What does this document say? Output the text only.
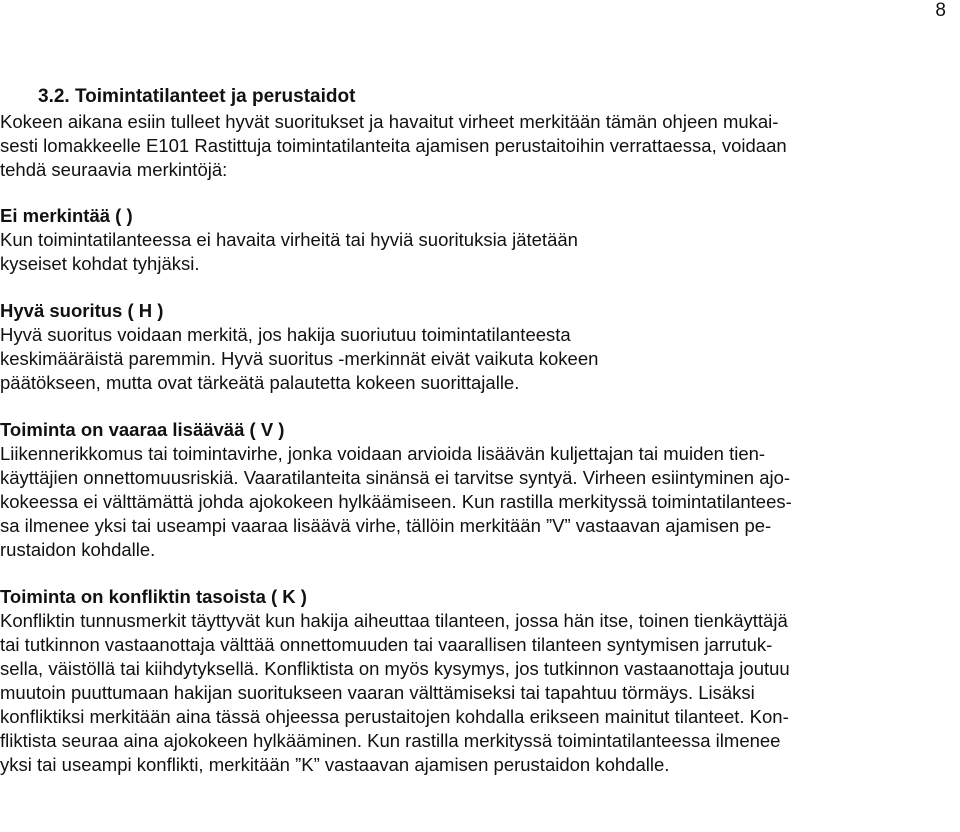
8
3.2. Toimintatilanteet ja perustaidot
Kokeen aikana esiin tulleet hyvät suoritukset ja havaitut virheet merkitään tämän ohjeen mukai-
sesti lomakkeelle E101 Rastittuja toimintatilanteita ajamisen perustaitoihin verrattaessa, voidaan
tehdä seuraavia merkintöjä:
Ei merkintää ( )
Kun toimintatilanteessa ei havaita virheitä tai hyviä suorituksia jätetään
kyseiset kohdat tyhjäksi.
Hyvä suoritus ( H )
Hyvä suoritus voidaan merkitä, jos hakija suoriutuu toimintatilanteesta
keskimääräistä paremmin. Hyvä suoritus -merkinnät eivät vaikuta kokeen
päätökseen, mutta ovat tärkeätä palautetta kokeen suorittajalle.
Toiminta on vaaraa lisäävää ( V )
Liikennerikkomus tai toimintavirhe, jonka voidaan arvioida lisäävän kuljettajan tai muiden tien-
käyttäjien onnettomuusriskiä. Vaaratilanteita sinänsä ei tarvitse syntyä. Virheen esiintyminen ajo-
kokeessa ei välttämättä johda ajokokeen hylkäämiseen. Kun rastilla merkityssä toimintatilantees-
sa ilmenee yksi tai useampi vaaraa lisäävä virhe, tällöin merkitään ”V” vastaavan ajamisen pe-
rustaidon kohdalle.
Toiminta on konfliktin tasoista ( K )
Konfliktin tunnusmerkit täyttyvät kun hakija aiheuttaa tilanteen, jossa hän itse, toinen tienkäyttäjä
tai tutkinnon vastaanottaja välttää onnettomuuden tai vaarallisen tilanteen syntymisen jarrutuk-
sella, väistöllä tai kiihdytyksellä. Konfliktista on myös kysymys, jos tutkinnon vastaanottaja joutuu
muutoin puuttumaan hakijan suoritukseen vaaran välttämiseksi tai tapahtuu törmäys. Lisäksi
konfliktiksi merkitään aina tässä ohjeessa perustaitojen kohdalla erikseen mainitut tilanteet. Kon-
fliktista seuraa aina ajokokeen hylkääminen. Kun rastilla merkityssä toimintatilanteessa ilmenee
yksi tai useampi konflikti, merkitään ”K” vastaavan ajamisen perustaidon kohdalle.
